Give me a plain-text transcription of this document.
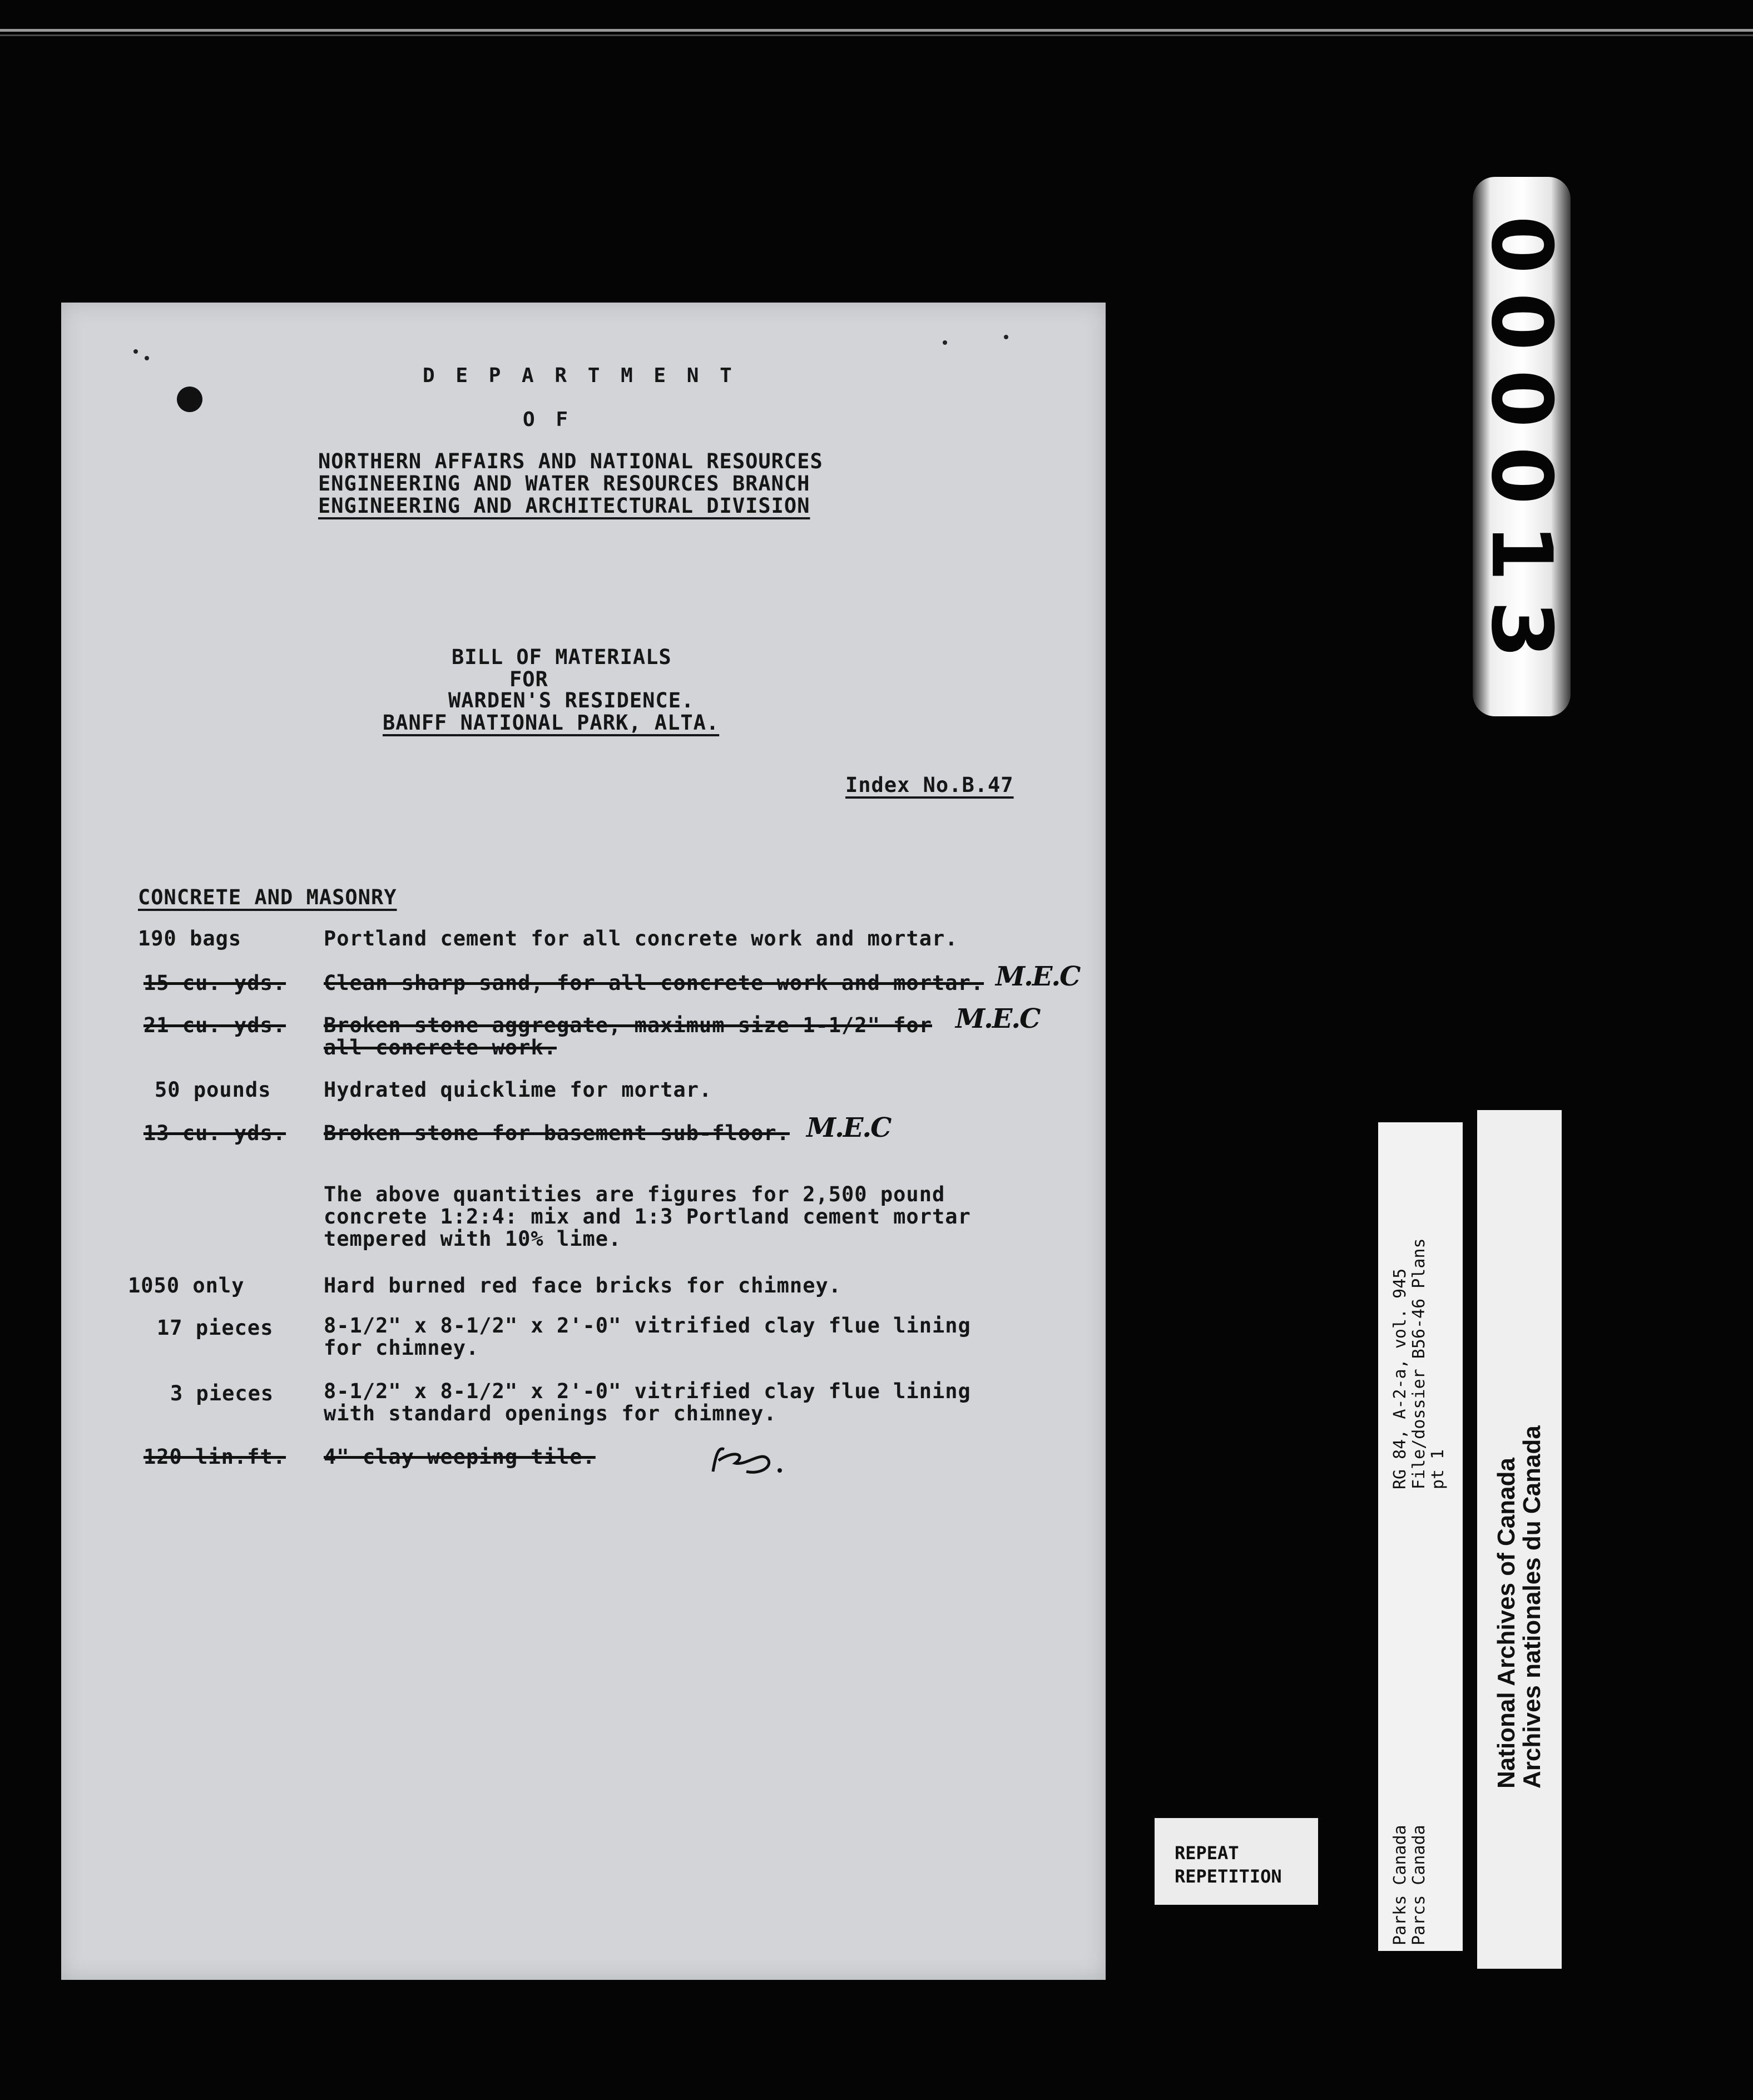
D E P A R T M E N T
O F
NORTHERN AFFAIRS AND NATIONAL RESOURCES
ENGINEERING AND WATER RESOURCES BRANCH
ENGINEERING AND ARCHITECTURAL DIVISION
BILL OF MATERIALS
FOR
WARDEN'S RESIDENCE.
BANFF NATIONAL PARK, ALTA.
Index No.B.47
CONCRETE AND MASONRY
190 bags	Portland cement for all concrete work and mortar.
15 cu. yds. Clean sharp sand, for all concrete work and mortar. M.E.C
21 cu. yds. Broken stone aggregate, maximum size 1-1/2" for
all concrete work.
M.E.C
50 pounds	Hydrated quicklime for mortar.
13 cu. yds. Broken stone for basement sub-floor. M.E.C
The above quantities are figures for 2,500 pound
concrete 1:2:4: mix and 1:3 Portland cement mortar
tempered with 10% lime.
1050 only	Hard burned red face bricks for chimney.
17 pieces 8-1/2" x 8-1/2" x 2'-0" vitrified clay flue lining
for chimney.
3 pieces 8-1/2" x 8-1/2" x 2'-0" vitrified clay flue lining
with standard openings for chimney.
120 lin.ft. 4" clay weeping tile.
000013
REPEAT
REPETITION
RG 84, A-2-a, vol. 945 File/dossier B56-46 Plans pt 1
Parks Canada Parcs Canada
National Archives of Canada
Archives nationales du Canada
